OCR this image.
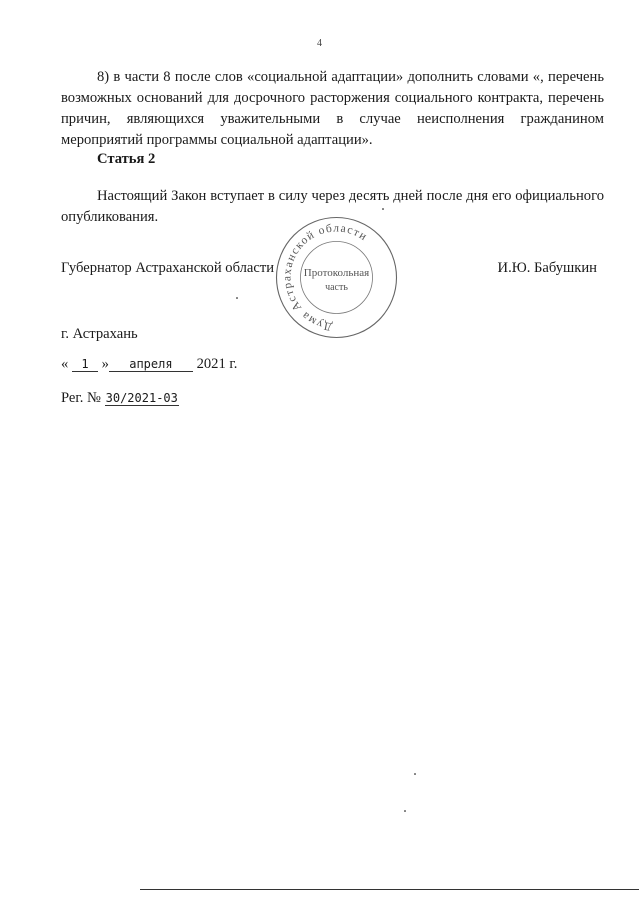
4

8) в части 8 после слов «социальной адаптации» дополнить словами «, перечень возможных оснований для досрочного расторжения социального контракта, перечень причин, являющихся уважительными в случае неисполнения гражданином мероприятий программы социальной адаптации».

Статья 2

Настоящий Закон вступает в силу через десять дней после дня его официального опубликования.

Губернатор Астраханской области	И.Ю. Бабушкин
Дума Астраханской области
Протокольная
часть
г. Астрахань
« 1 » апреля 2021 г.
Рег. № 30/2021-03
